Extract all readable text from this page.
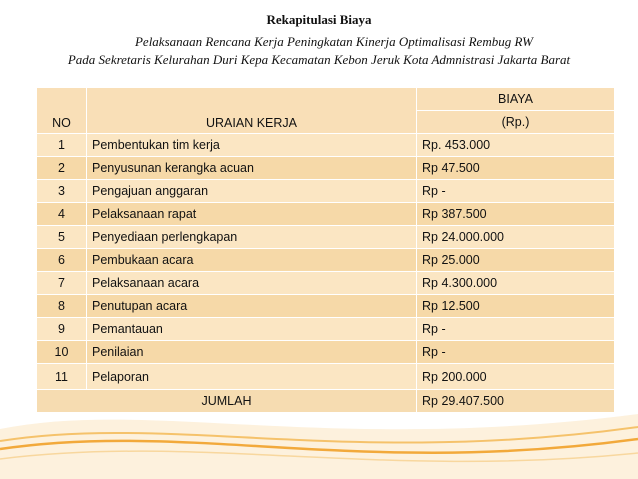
Rekapitulasi Biaya
Pelaksanaan Rencana Kerja Peningkatan Kinerja Optimalisasi Rembug RW
Pada Sekretaris Kelurahan Duri Kepa Kecamatan Kebon Jeruk Kota Admnistrasi Jakarta Barat
NO	URAIAN KERJA	BIAYA
		(Rp.)
1	Pembentukan tim kerja	Rp. 453.000
2	Penyusunan kerangka acuan	Rp 47.500
3	Pengajuan anggaran	Rp -
4	Pelaksanaan rapat	Rp 387.500
5	Penyediaan perlengkapan	Rp 24.000.000
6	Pembukaan acara	Rp 25.000
7	Pelaksanaan acara	Rp 4.300.000
8	Penutupan acara	Rp 12.500
9	Pemantauan	Rp -
10	Penilaian	Rp -
11	Pelaporan	Rp 200.000
JUMLAH		Rp 29.407.500
